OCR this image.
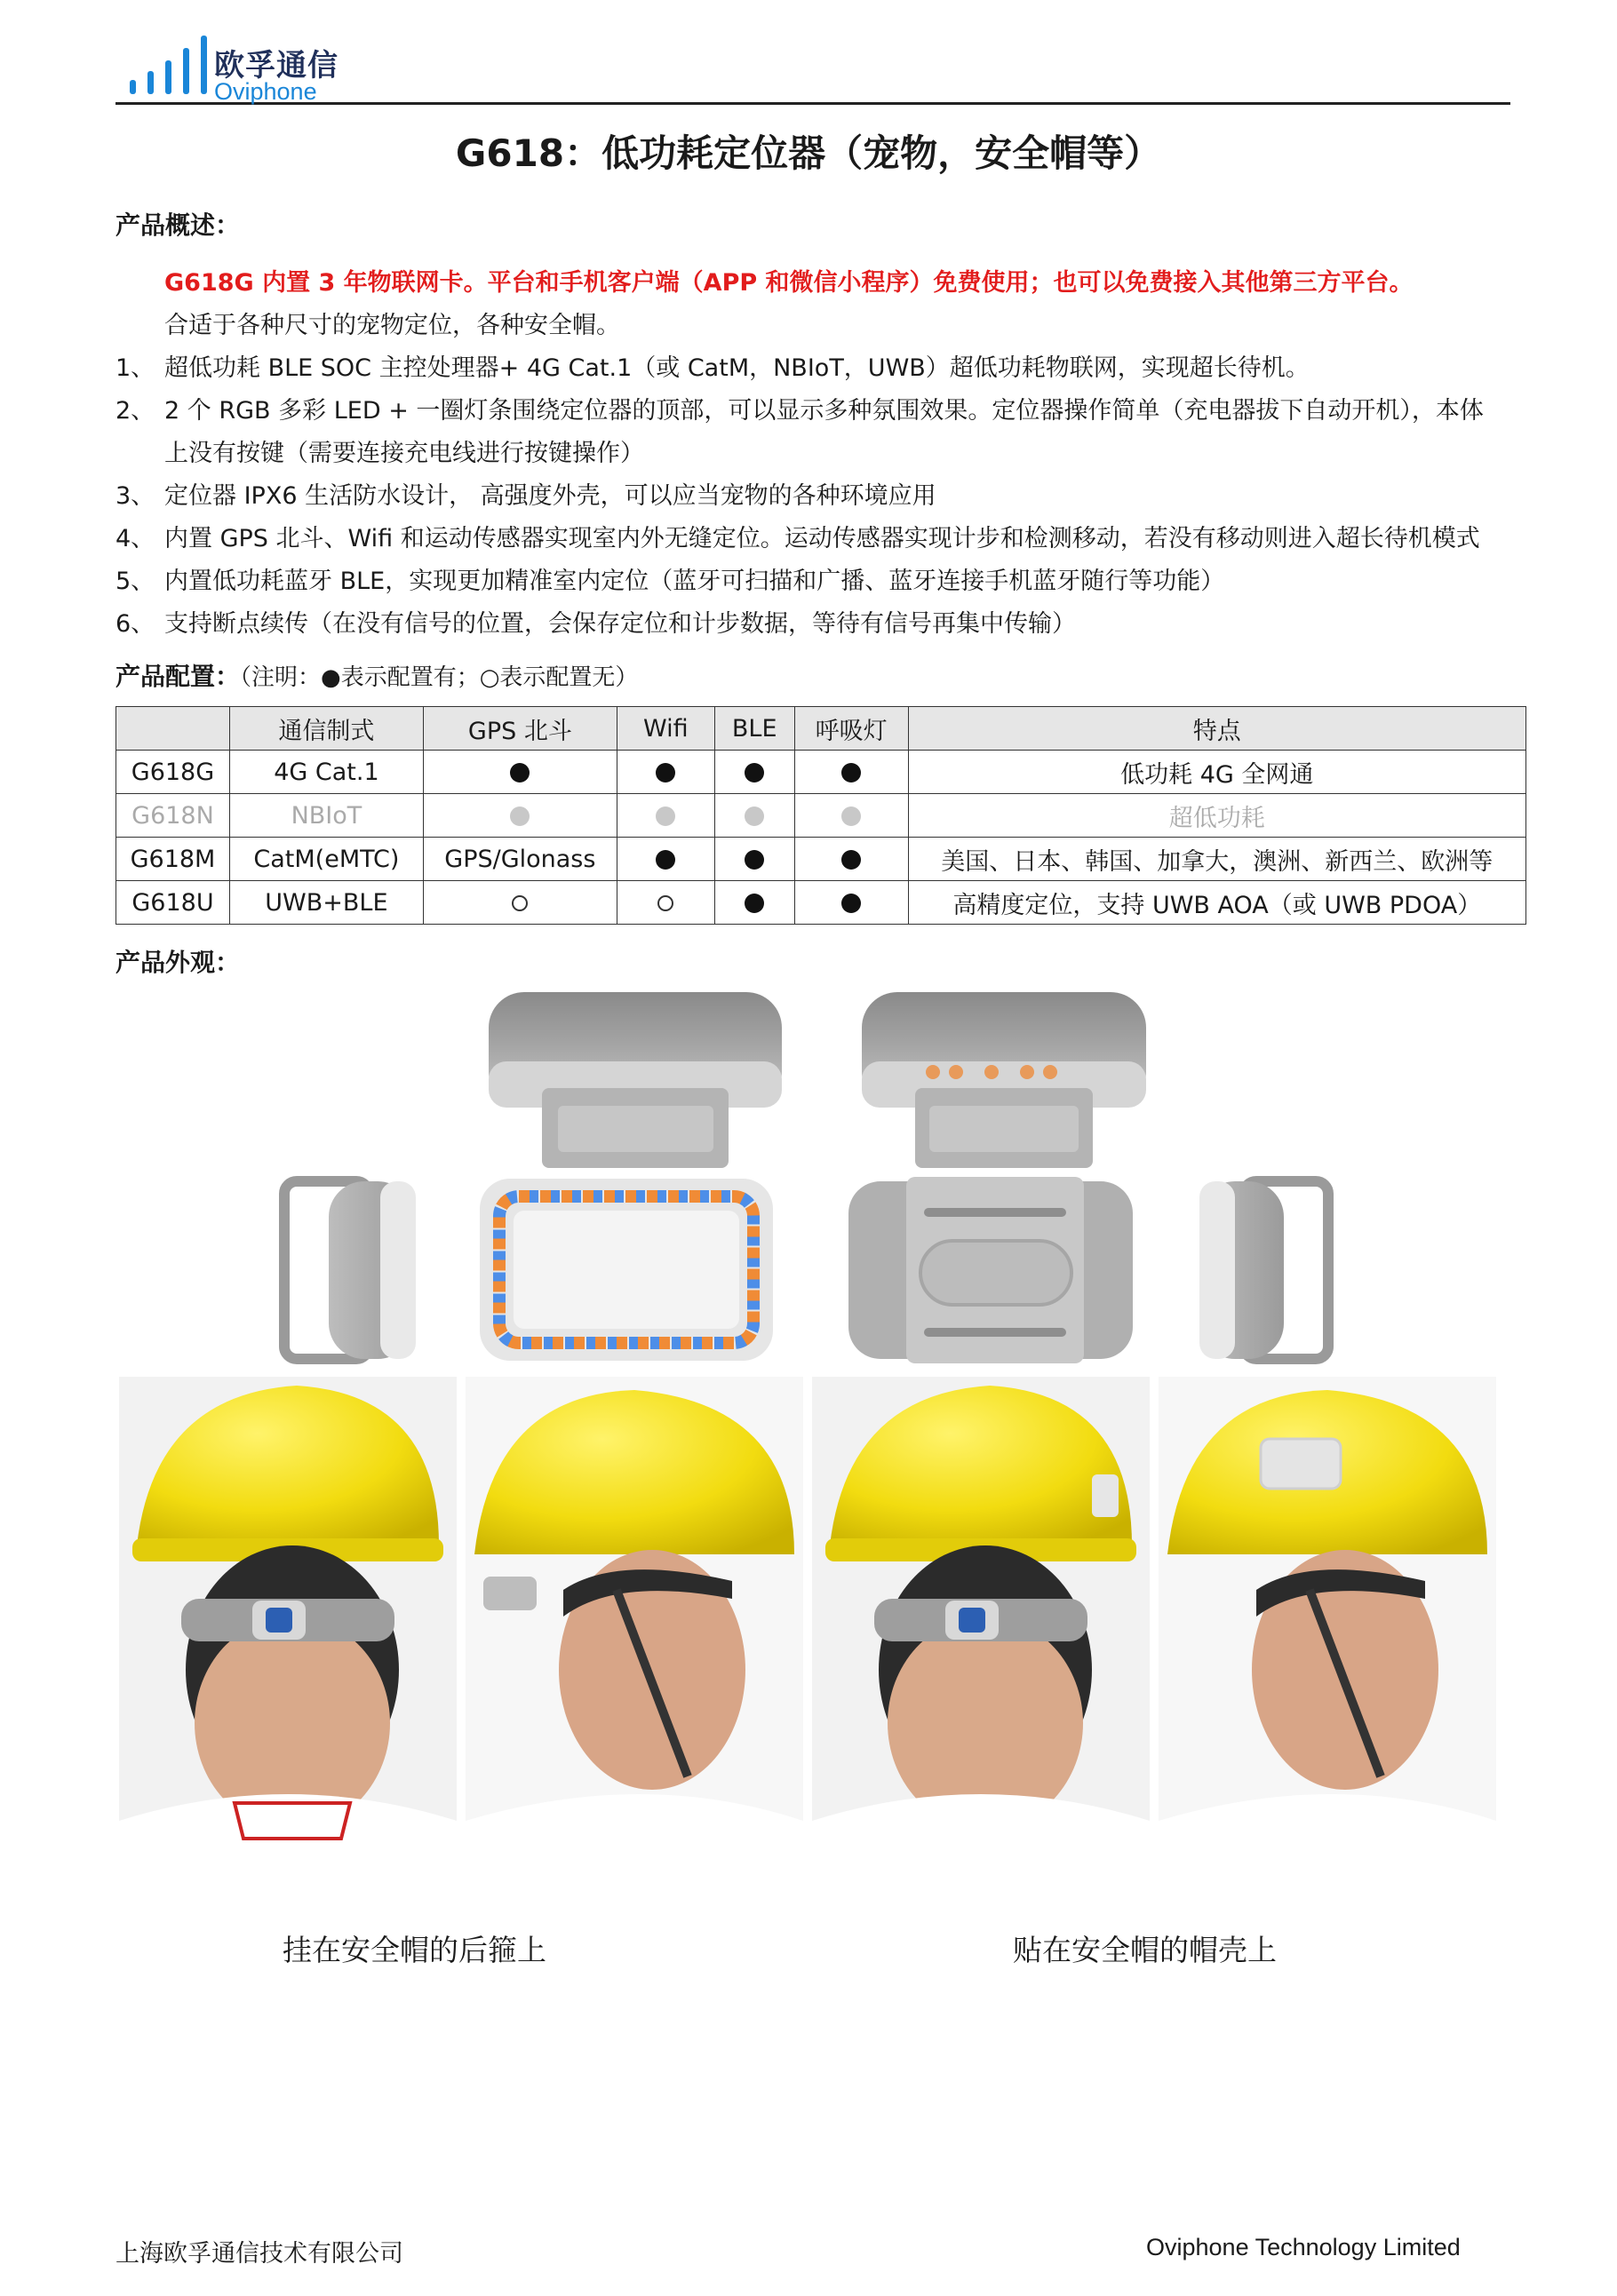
欧孚通信
Oviphone
G618：低功耗定位器（宠物，安全帽等）
产品概述：
G618G 内置 3 年物联网卡。平台和手机客户端（APP 和微信小程序）免费使用；也可以免费接入其他第三方平台。
合适于各种尺寸的宠物定位，各种安全帽。
1、 超低功耗 BLE SOC 主控处理器+ 4G Cat.1（或 CatM，NBIoT，UWB）超低功耗物联网，实现超长待机。
2、 2 个 RGB 多彩 LED + 一圈灯条围绕定位器的顶部，可以显示多种氛围效果。定位器操作简单（充电器拔下自动开机），本体
上没有按键（需要连接充电线进行按键操作）
3、 定位器 IPX6 生活防水设计， 高强度外壳，可以应当宠物的各种环境应用
4、 内置 GPS 北斗、Wifi 和运动传感器实现室内外无缝定位。运动传感器实现计步和检测移动，若没有移动则进入超长待机模式
5、 内置低功耗蓝牙 BLE，实现更加精准室内定位（蓝牙可扫描和广播、蓝牙连接手机蓝牙随行等功能）
6、 支持断点续传（在没有信号的位置，会保存定位和计步数据，等待有信号再集中传输）
产品配置：（注明：●表示配置有；○表示配置无）
	通信制式	GPS 北斗	Wifi	BLE	呼吸灯	特点
G618G	4G Cat.1					低功耗 4G 全网通
G618N	NBIoT					超低功耗
G618M	CatM(eMTC)	GPS/Glonass				美国、日本、韩国、加拿大，澳洲、新西兰、欧洲等
G618U	UWB+BLE					高精度定位，支持 UWB AOA（或 UWB PDOA）
产品外观：
挂在安全帽的后箍上	贴在安全帽的帽壳上
上海欧孚通信技术有限公司	Oviphone Technology Limited
